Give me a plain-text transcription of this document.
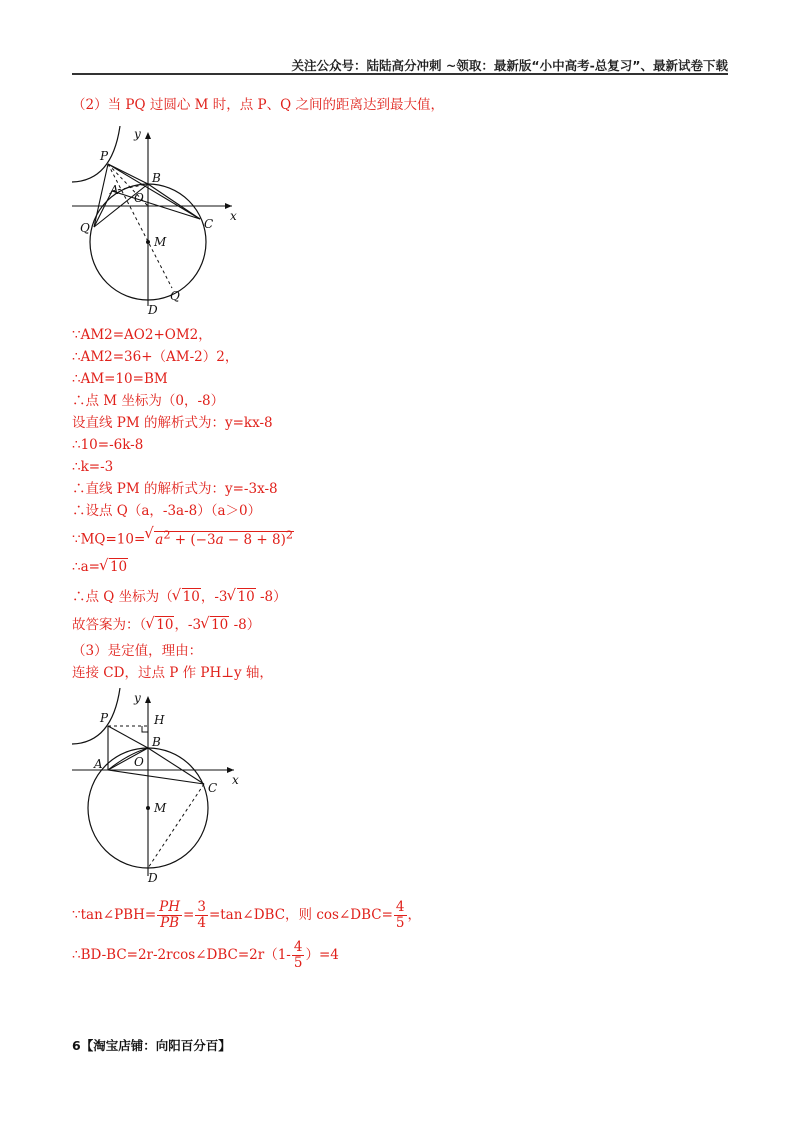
关注公众号：陆陆高分冲刺 ~领取：最新版“小中高考-总复习”、最新试卷下载
（2）当 PQ 过圆心 M 时，点 P、Q 之间的距离达到最大值，
y
x
P
A
B
O
C
Q
M
Q
D
∵AM2=AO2+OM2，
∴AM2=36+（AM-2）2，
∴AM=10=BM
∴点 M 坐标为（0，-8）
设直线 PM 的解析式为：y=kx-8
∴10=-6k-8
∴k=-3
∴直线 PM 的解析式为：y=-3x-8
∴设点 Q（a，-3a-8）（a＞0）
∵MQ=10= √ $a^2 + (-3a - 8 + 8)^2$
∴a= √ 10
∴点 Q 坐标为（ √ 10，-3 √ 10 -8）
故答案为：（ √ 10，-3 √ 10 -8）
（3）是定值，理由：
连接 CD，过点 P 作 PH⊥y 轴，
y
x
P	H
B
A	O
C
M
D
∵tan∠PBH= $\frac{PH}{PB} = \frac{3}{4}$ =tan∠DBC，则 cos∠DBC= $\frac{4}{5}$ ，
∴BD-BC=2r-2rcos∠DBC=2r（1- $\frac{4}{5} )=4$
6【淘宝店铺：向阳百分百】
